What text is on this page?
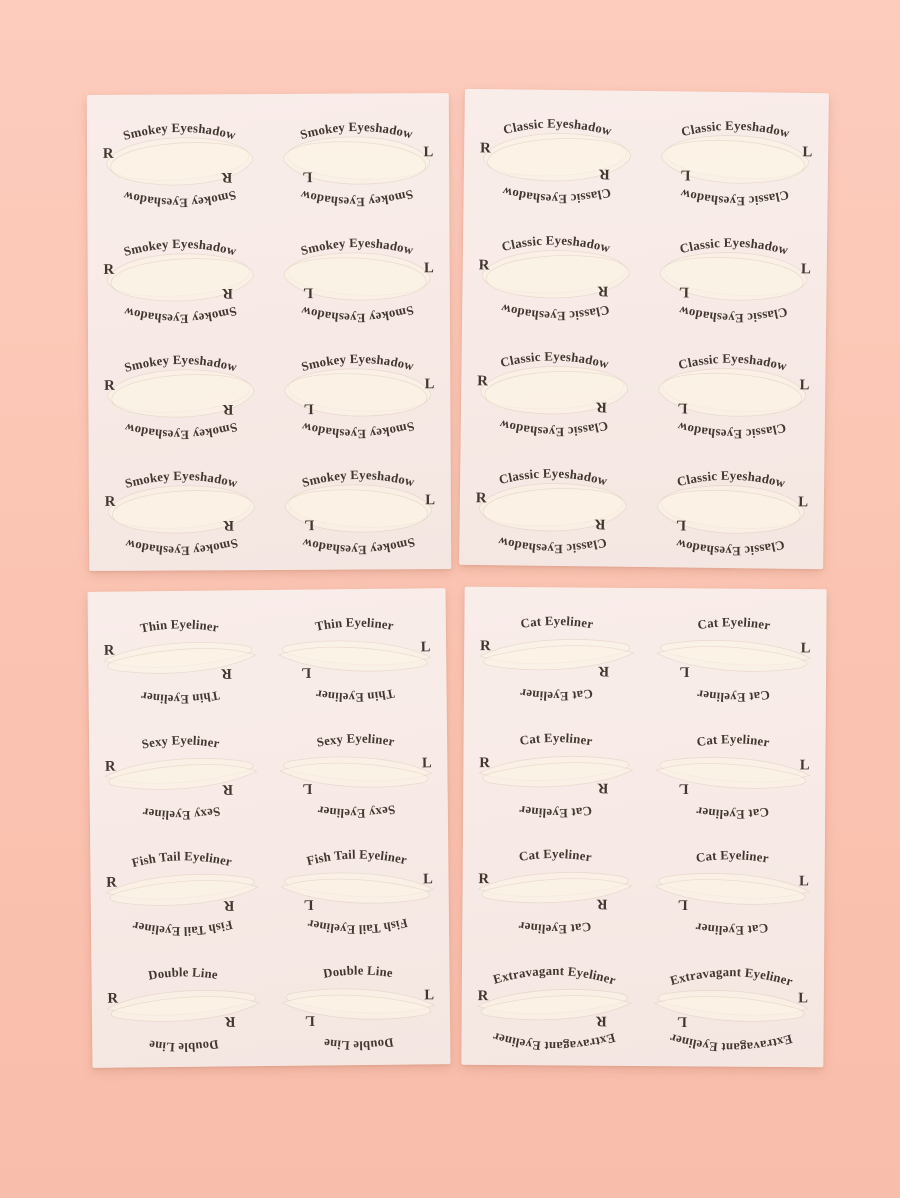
Smokey Eyeshadow
Smokey Eyeshadow
R
R
Smokey Eyeshadow
Smokey Eyeshadow
L
L
Smokey Eyeshadow
Smokey Eyeshadow
R
R
Smokey Eyeshadow
Smokey Eyeshadow
L
L
Smokey Eyeshadow
Smokey Eyeshadow
R
R
Smokey Eyeshadow
Smokey Eyeshadow
L
L
Smokey Eyeshadow
Smokey Eyeshadow
R
R
Smokey Eyeshadow
Smokey Eyeshadow
L
L
Classic Eyeshadow
Classic Eyeshadow
R
R
Classic Eyeshadow
Classic Eyeshadow
L
L
Classic Eyeshadow
Classic Eyeshadow
R
R
Classic Eyeshadow
Classic Eyeshadow
L
L
Classic Eyeshadow
Classic Eyeshadow
R
R
Classic Eyeshadow
Classic Eyeshadow
L
L
Classic Eyeshadow
Classic Eyeshadow
R
R
Classic Eyeshadow
Classic Eyeshadow
L
L
Thin Eyeliner
Thin Eyeliner
R
R
Thin Eyeliner
Thin Eyeliner
L
L
Sexy Eyeliner
Sexy Eyeliner
R
R
Sexy Eyeliner
Sexy Eyeliner
L
L
Fish Tail Eyeliner
Fish Tail Eyeliner
R
R
Fish Tail Eyeliner
Fish Tail Eyeliner
L
L
Double Line
Double Line
R
R
Double Line
Double Line
L
L
Cat Eyeliner
Cat Eyeliner
R
R
Cat Eyeliner
Cat Eyeliner
L
L
Cat Eyeliner
Cat Eyeliner
R
R
Cat Eyeliner
Cat Eyeliner
L
L
Cat Eyeliner
Cat Eyeliner
R
R
Cat Eyeliner
Cat Eyeliner
L
L
Extravagant Eyeliner
Extravagant Eyeliner
R
R
Extravagant Eyeliner
Extravagant Eyeliner
L
L
